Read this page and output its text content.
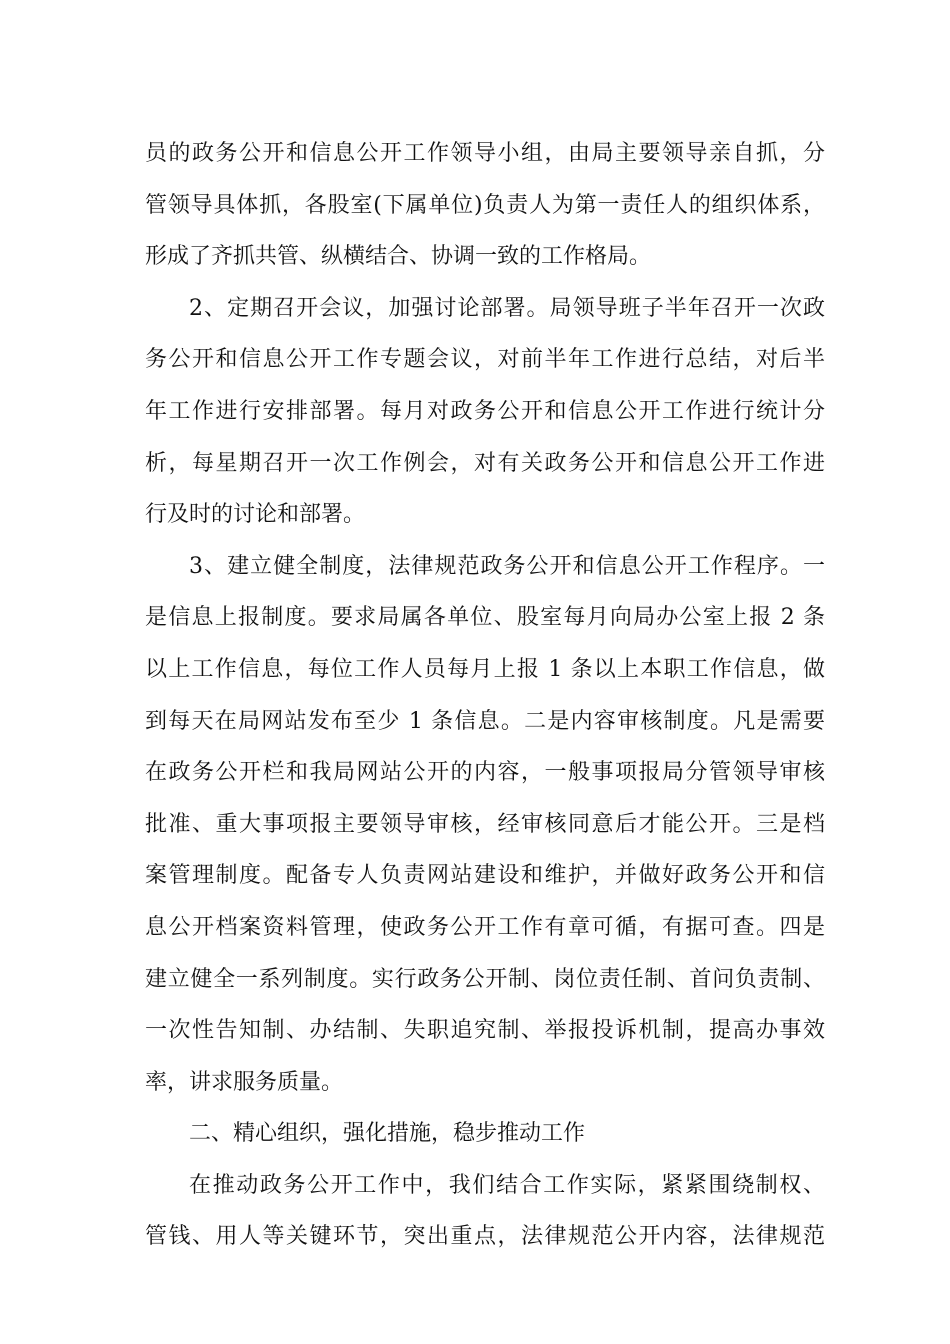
员的政务公开和信息公开工作领导小组，由局主要领导亲自抓，分
管领导具体抓，各股室(下属单位)负责人为第一责任人的组织体系，
形成了齐抓共管、纵横结合、协调一致的工作格局。
2、定期召开会议，加强讨论部署。局领导班子半年召开一次政
务公开和信息公开工作专题会议，对前半年工作进行总结，对后半
年工作进行安排部署。每月对政务公开和信息公开工作进行统计分
析，每星期召开一次工作例会，对有关政务公开和信息公开工作进
行及时的讨论和部署。
3、建立健全制度，法律规范政务公开和信息公开工作程序。一
是信息上报制度。要求局属各单位、股室每月向局办公室上报 2 条
以上工作信息，每位工作人员每月上报 1 条以上本职工作信息，做
到每天在局网站发布至少 1 条信息。二是内容审核制度。凡是需要
在政务公开栏和我局网站公开的内容，一般事项报局分管领导审核
批准、重大事项报主要领导审核，经审核同意后才能公开。三是档
案管理制度。配备专人负责网站建设和维护，并做好政务公开和信
息公开档案资料管理，使政务公开工作有章可循，有据可查。四是
建立健全一系列制度。实行政务公开制、岗位责任制、首问负责制、
一次性告知制、办结制、失职追究制、举报投诉机制，提高办事效
率，讲求服务质量。
二、精心组织，强化措施，稳步推动工作
在推动政务公开工作中，我们结合工作实际，紧紧围绕制权、
管钱、用人等关键环节，突出重点，法律规范公开内容，法律规范
